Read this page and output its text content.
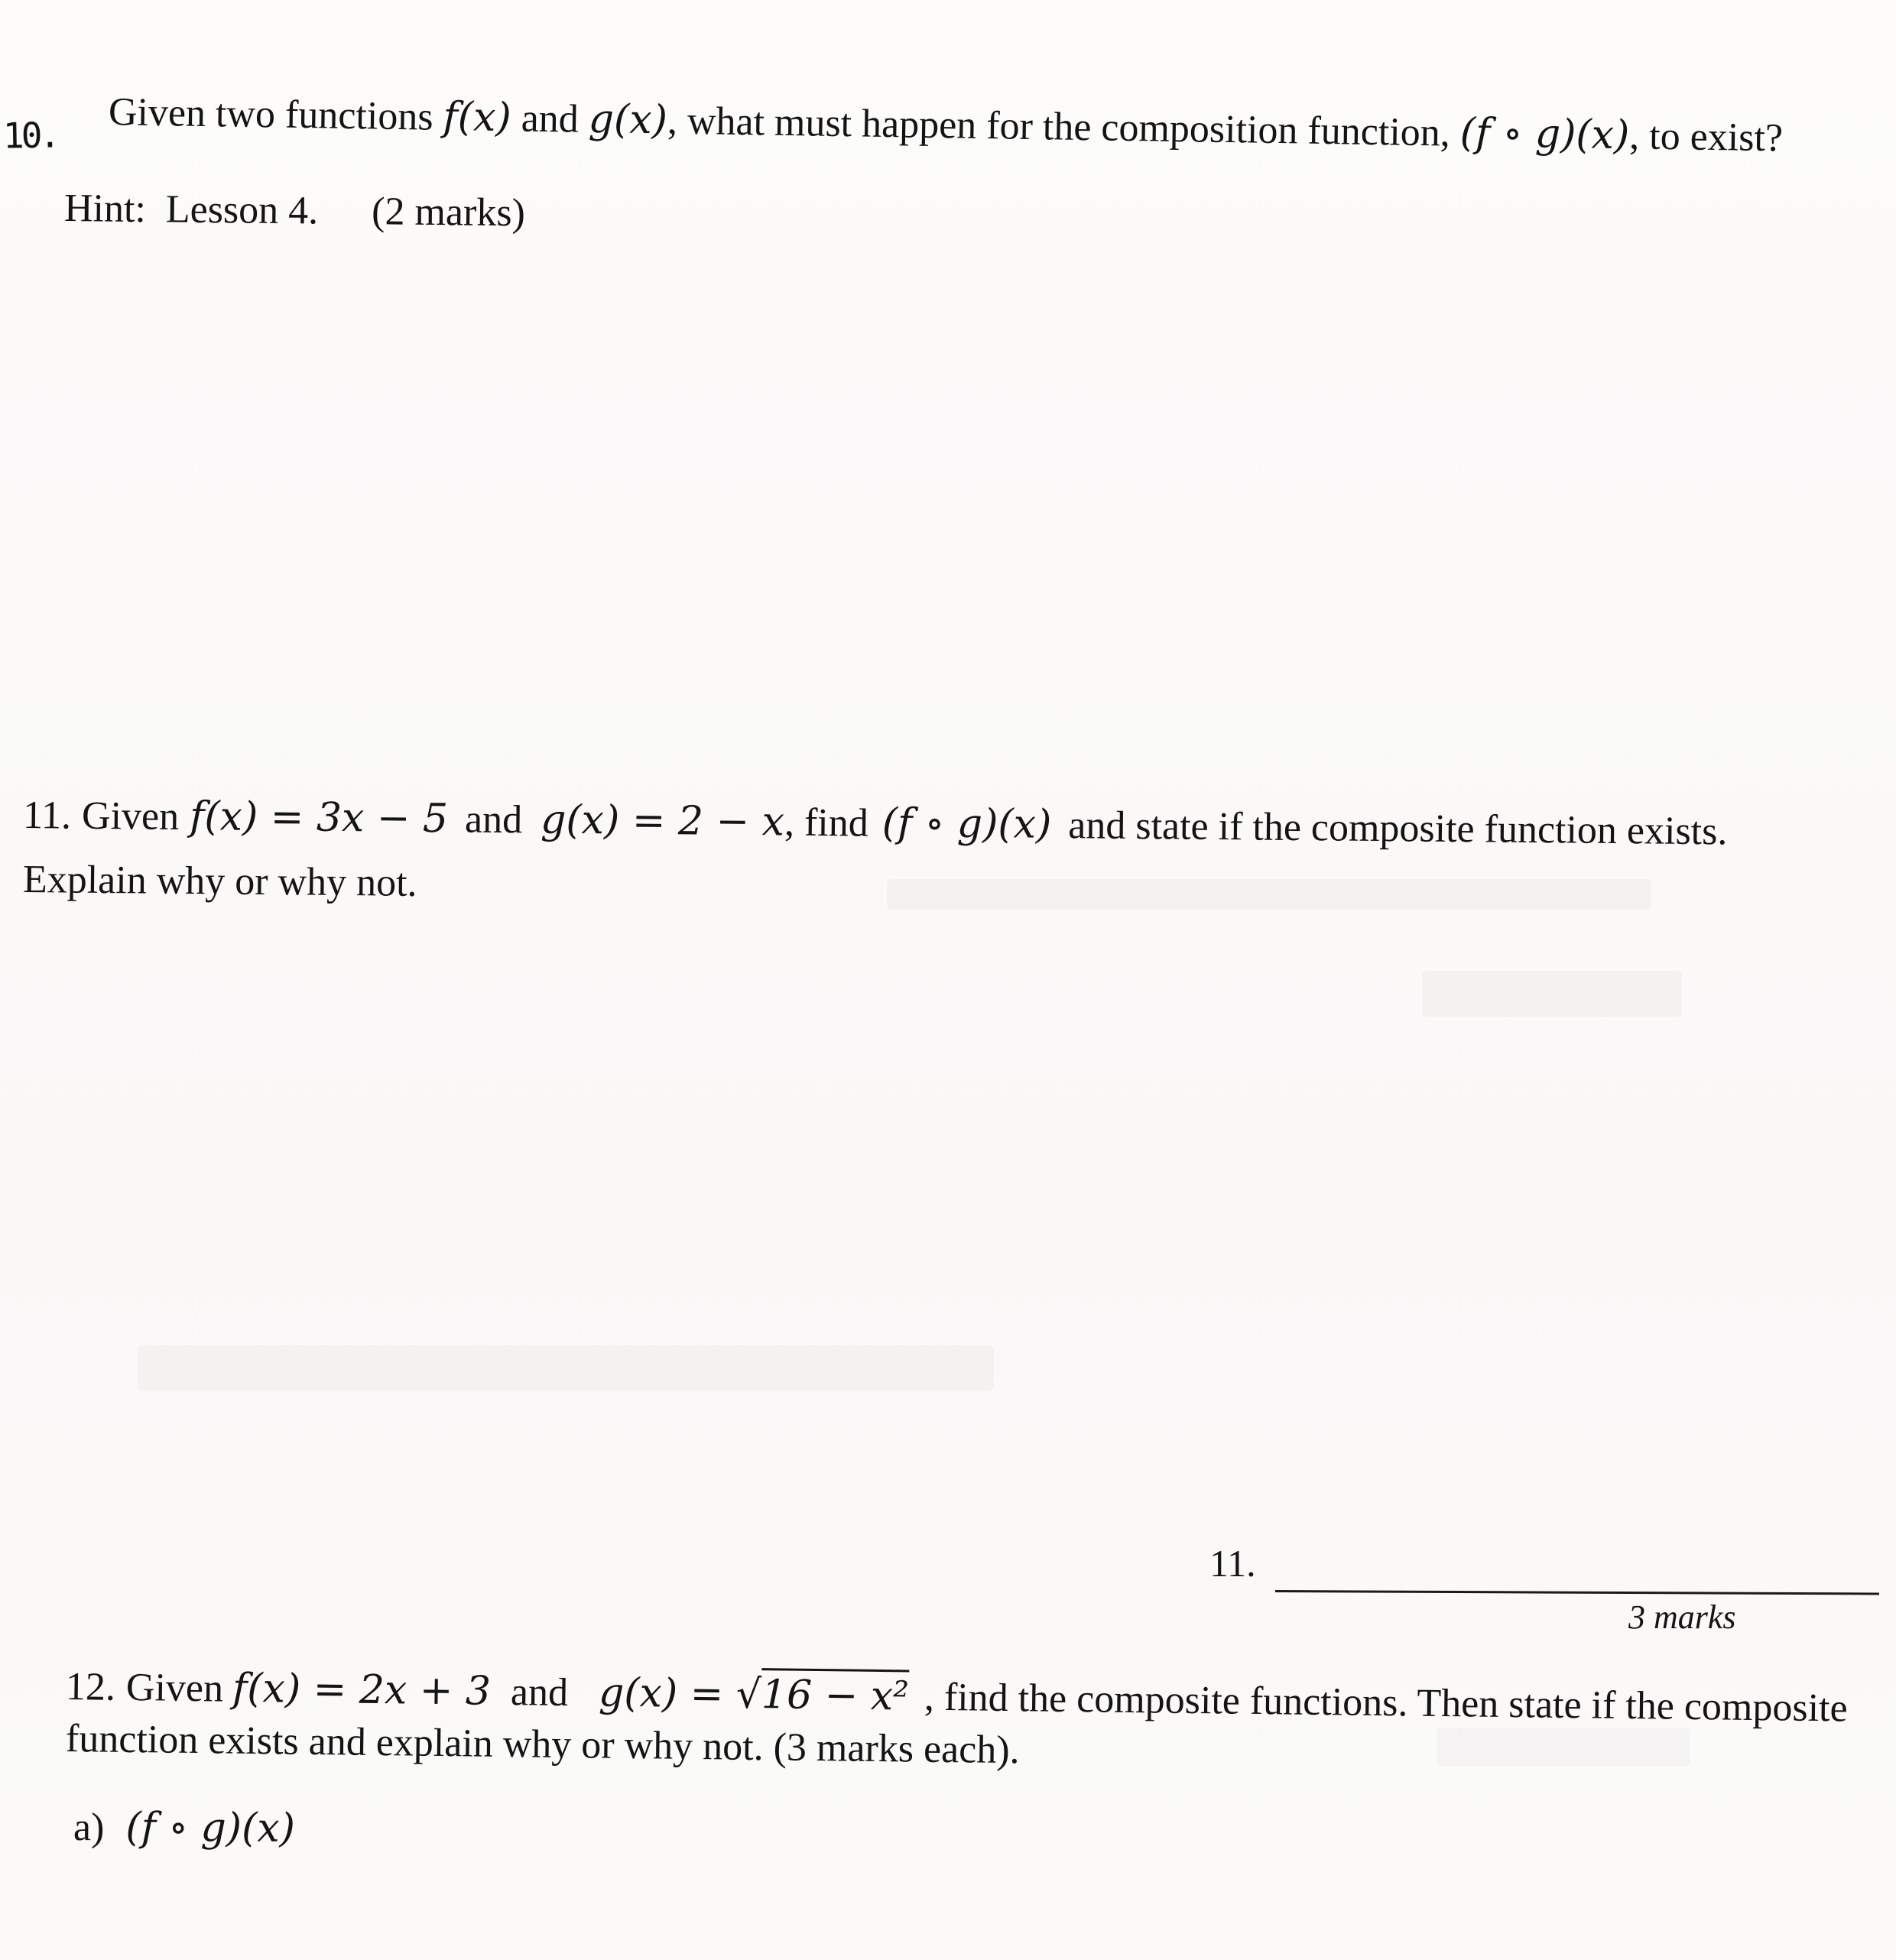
10. Given two functions f(x) and g(x), what must happen for the composition function, (f ∘ g)(x), to exist?
Hint: Lesson 4. (2 marks)
11. Given f(x) = 3x − 5 and g(x) = 2 − x, find (f ∘ g)(x) and state if the composite function exists.
Explain why or why not.
11.
3 marks
12. Given f(x) = 2x + 3 and g(x) = √16 − x² , find the composite functions. Then state if the composite
function exists and explain why or why not. (3 marks each).
a) (f ∘ g)(x)
